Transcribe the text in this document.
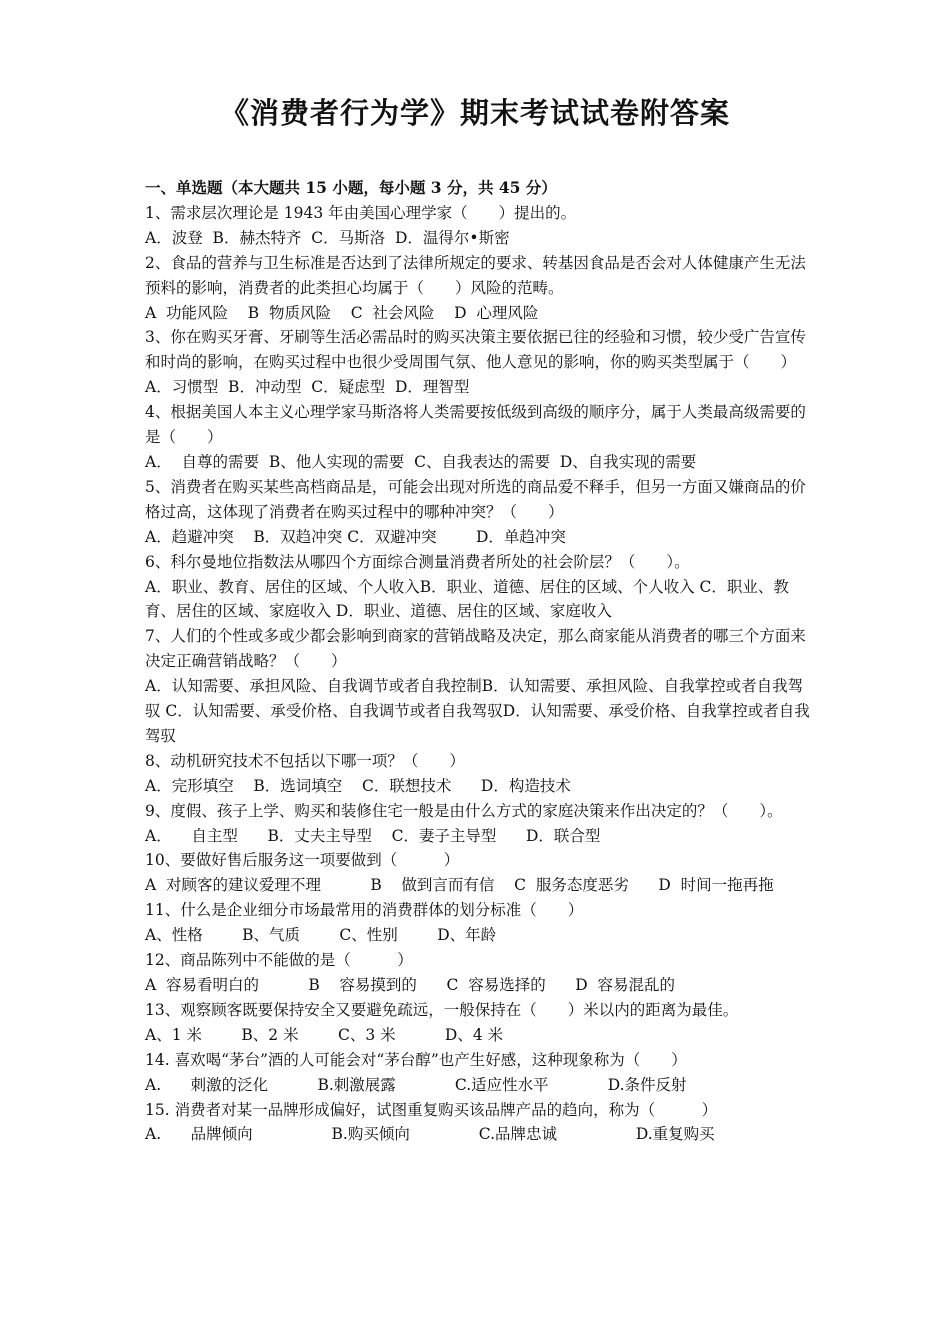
《消费者行为学》期末考试试卷附答案
一、单选题（本大题共 15 小题，每小题 3 分，共 45 分）
1、需求层次理论是 1943 年由美国心理学家（　　）提出的。
A．波登  B．赫杰特齐  C．马斯洛  D．温得尔•斯密
2、食品的营养与卫生标准是否达到了法律所规定的要求、转基因食品是否会对人体健康产生无法预料的影响，消费者的此类担心均属于（　　）风险的范畴。
A  功能风险    B  物质风险    C  社会风险    D  心理风险
3、你在购买牙膏、牙刷等生活必需品时的购买决策主要依据已往的经验和习惯，较少受广告宣传和时尚的影响，在购买过程中也很少受周围气氛、他人意见的影响，你的购买类型属于（　　）
A．习惯型  B．冲动型  C．疑虑型  D．理智型
4、根据美国人本主义心理学家马斯洛将人类需要按低级到高级的顺序分，属于人类最高级需要的是（　　）
A．  自尊的需要  B、他人实现的需要  C、自我表达的需要  D、自我实现的需要
5、消费者在购买某些高档商品是，可能会出现对所选的商品爱不释手，但另一方面又嫌商品的价格过高，这体现了消费者在购买过程中的哪种冲突？（　　）
A．趋避冲突    B．双趋冲突 C．双避冲突        D．单趋冲突
6、科尔曼地位指数法从哪四个方面综合测量消费者所处的社会阶层？（　　）。
A．职业、教育、居住的区域、个人收入B．职业、道德、居住的区域、个人收入 C．职业、教育、居住的区域、家庭收入 D．职业、道德、居住的区域、家庭收入
7、人们的个性或多或少都会影响到商家的营销战略及决定，那么商家能从消费者的哪三个方面来决定正确营销战略？（　　）
A．认知需要、承担风险、自我调节或者自我控制B．认知需要、承担风险、自我掌控或者自我驾驭 C．认知需要、承受价格、自我调节或者自我驾驭D．认知需要、承受价格、自我掌控或者自我驾驭
8、动机研究技术不包括以下哪一项？（　　）
A．完形填空    B．选词填空    C．联想技术      D．构造技术
9、度假、孩子上学、购买和装修住宅一般是由什么方式的家庭决策来作出决定的？（　　）。
A．    自主型      B．丈夫主导型    C．妻子主导型      D．联合型
10、要做好售后服务这一项要做到（　　　）
A  对顾客的建议爱理不理          B    做到言而有信    C  服务态度恶劣      D  时间一拖再拖
11、什么是企业细分市场最常用的消费群体的划分标准（　　）
A、性格        B、气质        C、性别        D、年龄
12、商品陈列中不能做的是（　　　）
A  容易看明白的          B    容易摸到的      C  容易选择的      D  容易混乱的
13、观察顾客既要保持安全又要避免疏远，一般保持在（　　）米以内的距离为最佳。
A、1 米        B、2 米        C、3 米          D、4 米
14. 喜欢喝“茅台”酒的人可能会对“茅台醇”也产生好感，这种现象称为（　　）
A.      刺激的泛化          B.刺激展露            C.适应性水平            D.条件反射
15. 消费者对某一品牌形成偏好，试图重复购买该品牌产品的趋向，称为（　　　）
A.      品牌倾向                B.购买倾向              C.品牌忠诚                D.重复购买
